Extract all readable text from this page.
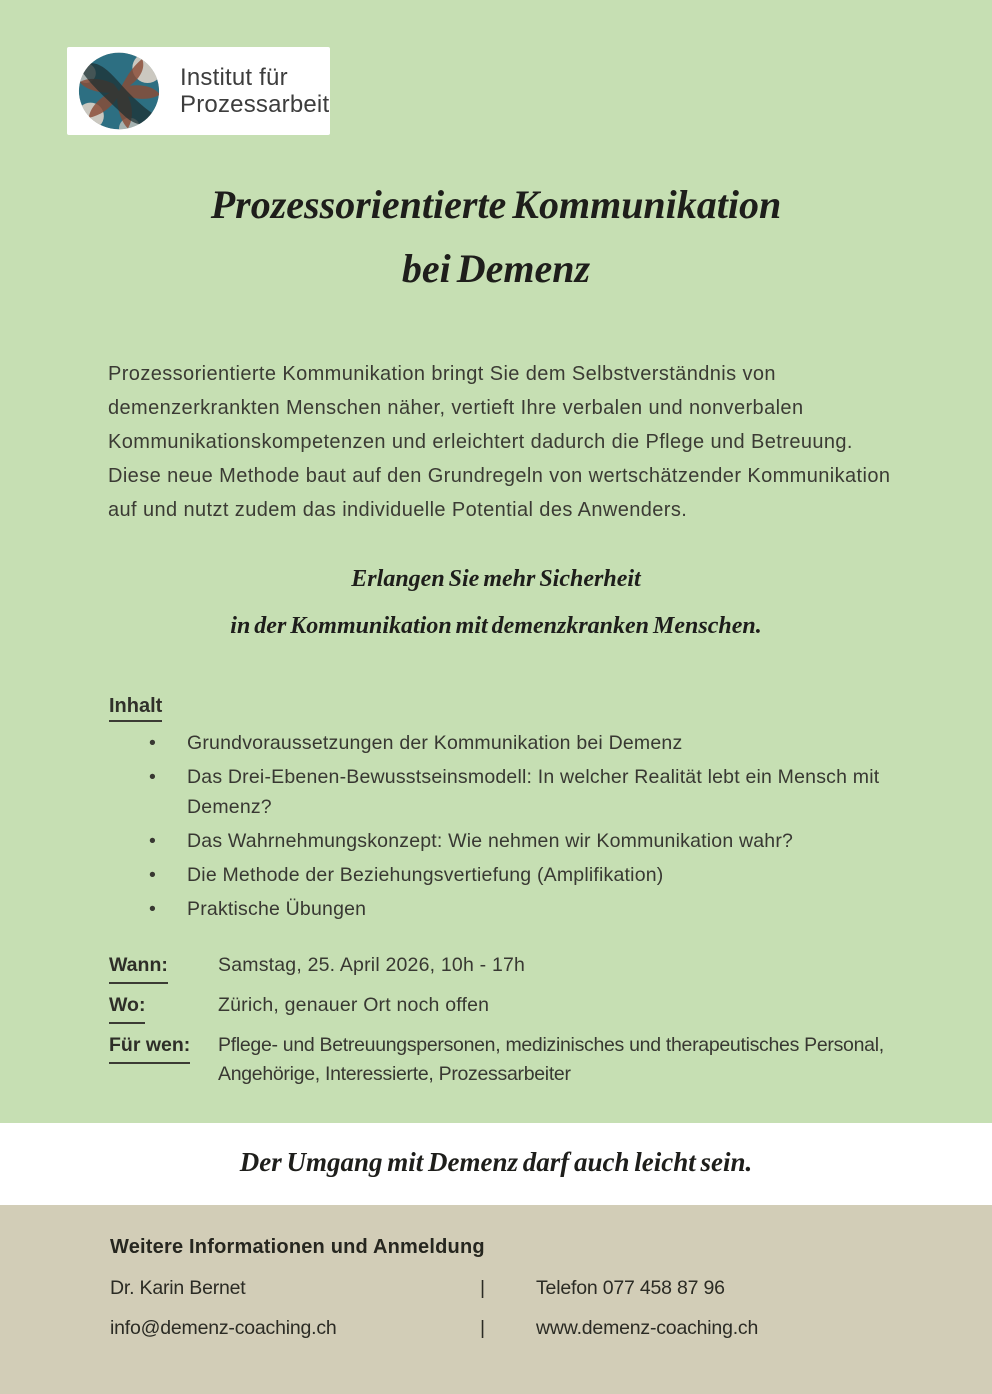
Institut für
Prozessarbeit
Prozessorientierte Kommunikation
bei Demenz

Prozessorientierte Kommunikation bringt Sie dem Selbstverständnis von demenzerkrankten Menschen näher, vertieft Ihre verbalen und nonverbalen Kommunikationskompetenzen und erleichtert dadurch die Pflege und Betreuung. Diese neue Methode baut auf den Grundregeln von wertschätzender Kommunikation auf und nutzt zudem das individuelle Potential des Anwenders.

Erlangen Sie mehr Sicherheit
in der Kommunikation mit demenzkranken Menschen.
Inhalt
•	Grundvoraussetzungen der Kommunikation bei Demenz
•	Das Drei-Ebenen-Bewusstseinsmodell: In welcher Realität lebt ein Mensch mit Demenz?
•	Das Wahrnehmungskonzept: Wie nehmen wir Kommunikation wahr?
•	Die Methode der Beziehungsvertiefung (Amplifikation)
•	Praktische Übungen
Wann:	Samstag, 25. April 2026, 10h - 17h
Wo:	Zürich, genauer Ort noch offen
Für wen:	Pflege- und Betreuungspersonen, medizinisches und therapeutisches Personal, Angehörige, Interessierte, Prozessarbeiter
Der Umgang mit Demenz darf auch leicht sein.

Weitere Informationen und Anmeldung

Dr. Karin Bernet	|	Telefon 077 458 87 96
info@demenz-coaching.ch	|	www.demenz-coaching.ch
